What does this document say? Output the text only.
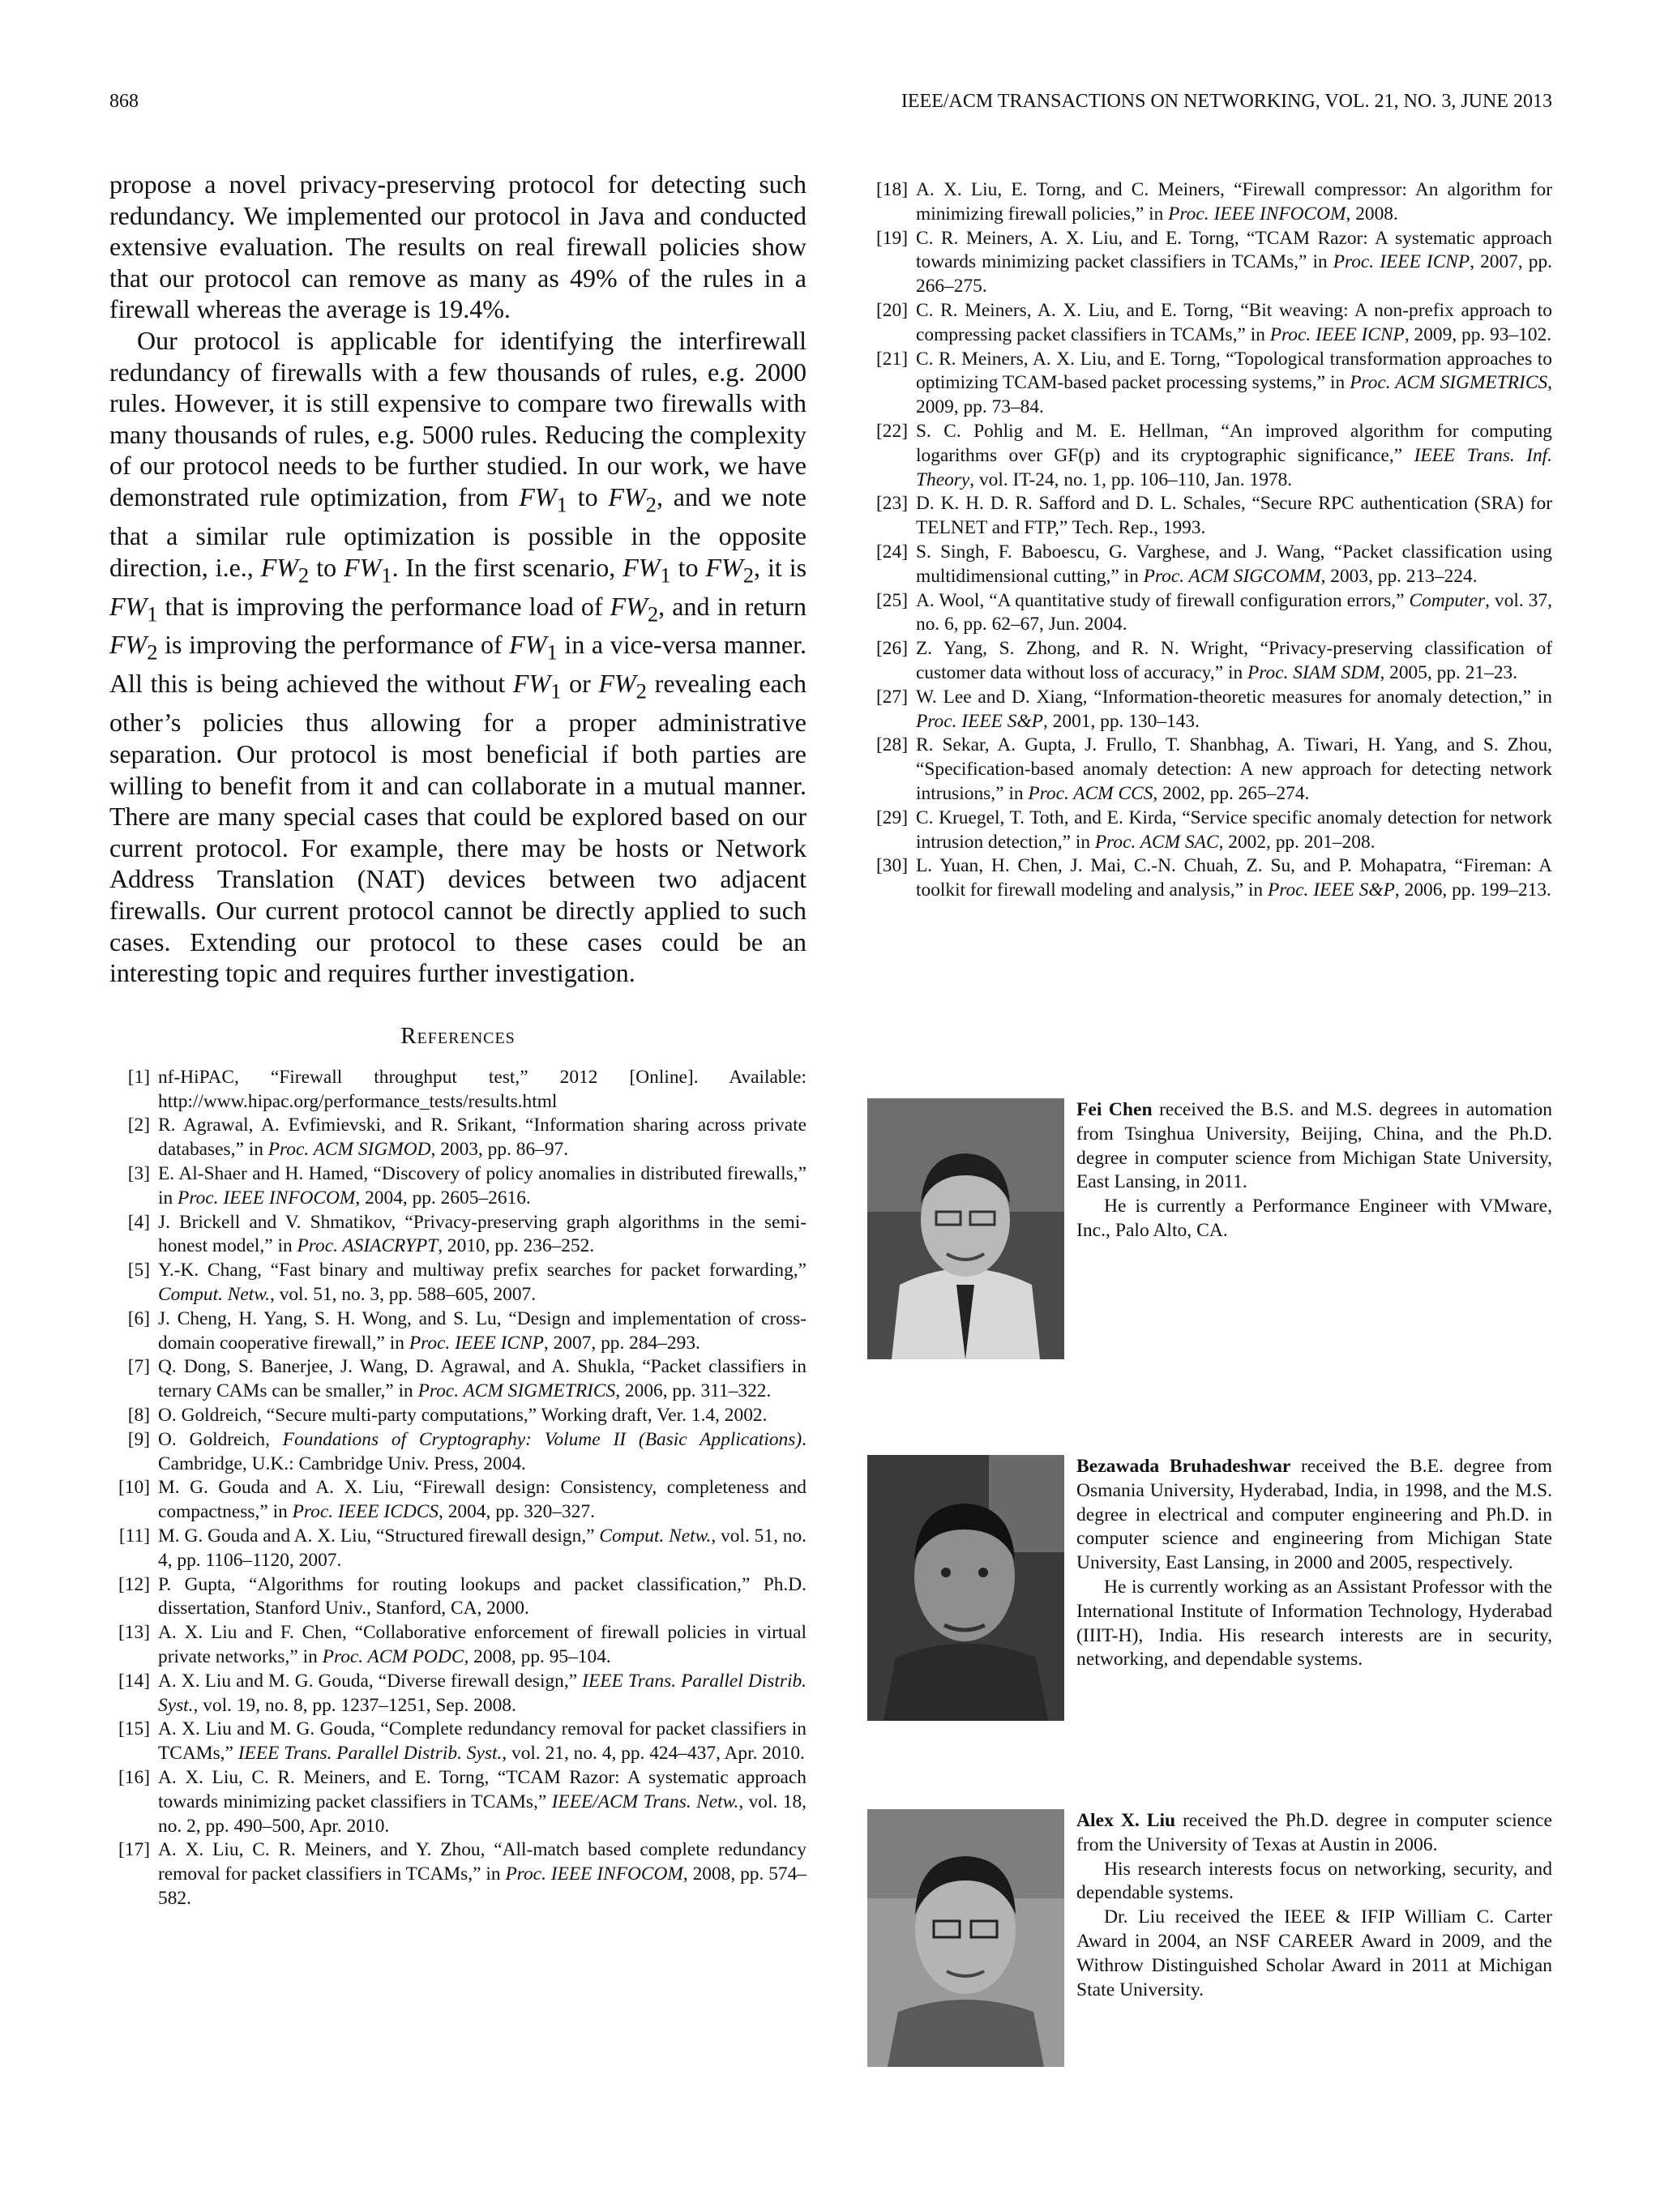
868	IEEE/ACM TRANSACTIONS ON NETWORKING, VOL. 21, NO. 3, JUNE 2013

propose a novel privacy-preserving protocol for detecting such redundancy. We implemented our protocol in Java and conducted extensive evaluation. The results on real firewall policies show that our protocol can remove as many as 49% of the rules in a firewall whereas the average is 19.4%.

Our protocol is applicable for identifying the interfirewall redundancy of firewalls with a few thousands of rules, e.g. 2000 rules. However, it is still expensive to compare two firewalls with many thousands of rules, e.g. 5000 rules. Reducing the complexity of our protocol needs to be further studied. In our work, we have demonstrated rule optimization, from $FW_1$ to $FW_2$, and we note that a similar rule optimization is possible in the opposite direction, i.e., $FW_2$ to $FW_1$. In the first scenario, $FW_1$ to $FW_2$, it is $FW_1$ that is improving the performance load of $FW_2$, and in return $FW_2$ is improving the performance of $FW_1$ in a vice-versa manner. All this is being achieved the without $FW_1$ or $FW_2$ revealing each other’s policies thus allowing for a proper administrative separation. Our protocol is most beneficial if both parties are willing to benefit from it and can collaborate in a mutual manner. There are many special cases that could be explored based on our current protocol. For example, there may be hosts or Network Address Translation (NAT) devices between two adjacent firewalls. Our current protocol cannot be directly applied to such cases. Extending our protocol to these cases could be an interesting topic and requires further investigation.

References
[1] nf-HiPAC, “Firewall throughput test,” 2012 [Online]. Available: http://www.hipac.org/performance_tests/results.html
[2] R. Agrawal, A. Evfimievski, and R. Srikant, “Information sharing across private databases,” in Proc. ACM SIGMOD, 2003, pp. 86–97.
[3] E. Al-Shaer and H. Hamed, “Discovery of policy anomalies in distributed firewalls,” in Proc. IEEE INFOCOM, 2004, pp. 2605–2616.
[4] J. Brickell and V. Shmatikov, “Privacy-preserving graph algorithms in the semi-honest model,” in Proc. ASIACRYPT, 2010, pp. 236–252.
[5] Y.-K. Chang, “Fast binary and multiway prefix searches for packet forwarding,” Comput. Netw., vol. 51, no. 3, pp. 588–605, 2007.
[6] J. Cheng, H. Yang, S. H. Wong, and S. Lu, “Design and implementation of cross-domain cooperative firewall,” in Proc. IEEE ICNP, 2007, pp. 284–293.
[7] Q. Dong, S. Banerjee, J. Wang, D. Agrawal, and A. Shukla, “Packet classifiers in ternary CAMs can be smaller,” in Proc. ACM SIGMETRICS, 2006, pp. 311–322.
[8] O. Goldreich, “Secure multi-party computations,” Working draft, Ver. 1.4, 2002.
[9] O. Goldreich, Foundations of Cryptography: Volume II (Basic Applications). Cambridge, U.K.: Cambridge Univ. Press, 2004.
[10] M. G. Gouda and A. X. Liu, “Firewall design: Consistency, completeness and compactness,” in Proc. IEEE ICDCS, 2004, pp. 320–327.
[11] M. G. Gouda and A. X. Liu, “Structured firewall design,” Comput. Netw., vol. 51, no. 4, pp. 1106–1120, 2007.
[12] P. Gupta, “Algorithms for routing lookups and packet classification,” Ph.D. dissertation, Stanford Univ., Stanford, CA, 2000.
[13] A. X. Liu and F. Chen, “Collaborative enforcement of firewall policies in virtual private networks,” in Proc. ACM PODC, 2008, pp. 95–104.
[14] A. X. Liu and M. G. Gouda, “Diverse firewall design,” IEEE Trans. Parallel Distrib. Syst., vol. 19, no. 8, pp. 1237–1251, Sep. 2008.
[15] A. X. Liu and M. G. Gouda, “Complete redundancy removal for packet classifiers in TCAMs,” IEEE Trans. Parallel Distrib. Syst., vol. 21, no. 4, pp. 424–437, Apr. 2010.
[16] A. X. Liu, C. R. Meiners, and E. Torng, “TCAM Razor: A systematic approach towards minimizing packet classifiers in TCAMs,” IEEE/ACM Trans. Netw., vol. 18, no. 2, pp. 490–500, Apr. 2010.
[17] A. X. Liu, C. R. Meiners, and Y. Zhou, “All-match based complete redundancy removal for packet classifiers in TCAMs,” in Proc. IEEE INFOCOM, 2008, pp. 574–582.
[18] A. X. Liu, E. Torng, and C. Meiners, “Firewall compressor: An algorithm for minimizing firewall policies,” in Proc. IEEE INFOCOM, 2008.
[19] C. R. Meiners, A. X. Liu, and E. Torng, “TCAM Razor: A systematic approach towards minimizing packet classifiers in TCAMs,” in Proc. IEEE ICNP, 2007, pp. 266–275.
[20] C. R. Meiners, A. X. Liu, and E. Torng, “Bit weaving: A non-prefix approach to compressing packet classifiers in TCAMs,” in Proc. IEEE ICNP, 2009, pp. 93–102.
[21] C. R. Meiners, A. X. Liu, and E. Torng, “Topological transformation approaches to optimizing TCAM-based packet processing systems,” in Proc. ACM SIGMETRICS, 2009, pp. 73–84.
[22] S. C. Pohlig and M. E. Hellman, “An improved algorithm for computing logarithms over GF(p) and its cryptographic significance,” IEEE Trans. Inf. Theory, vol. IT-24, no. 1, pp. 106–110, Jan. 1978.
[23] D. K. H. D. R. Safford and D. L. Schales, “Secure RPC authentication (SRA) for TELNET and FTP,” Tech. Rep., 1993.
[24] S. Singh, F. Baboescu, G. Varghese, and J. Wang, “Packet classification using multidimensional cutting,” in Proc. ACM SIGCOMM, 2003, pp. 213–224.
[25] A. Wool, “A quantitative study of firewall configuration errors,” Computer, vol. 37, no. 6, pp. 62–67, Jun. 2004.
[26] Z. Yang, S. Zhong, and R. N. Wright, “Privacy-preserving classification of customer data without loss of accuracy,” in Proc. SIAM SDM, 2005, pp. 21–23.
[27] W. Lee and D. Xiang, “Information-theoretic measures for anomaly detection,” in Proc. IEEE S&P, 2001, pp. 130–143.
[28] R. Sekar, A. Gupta, J. Frullo, T. Shanbhag, A. Tiwari, H. Yang, and S. Zhou, “Specification-based anomaly detection: A new approach for detecting network intrusions,” in Proc. ACM CCS, 2002, pp. 265–274.
[29] C. Kruegel, T. Toth, and E. Kirda, “Service specific anomaly detection for network intrusion detection,” in Proc. ACM SAC, 2002, pp. 201–208.
[30] L. Yuan, H. Chen, J. Mai, C.-N. Chuah, Z. Su, and P. Mohapatra, “Fireman: A toolkit for firewall modeling and analysis,” in Proc. IEEE S&P, 2006, pp. 199–213.

Fei Chen received the B.S. and M.S. degrees in automation from Tsinghua University, Beijing, China, and the Ph.D. degree in computer science from Michigan State University, East Lansing, in 2011.

He is currently a Performance Engineer with VMware, Inc., Palo Alto, CA.

Bezawada Bruhadeshwar received the B.E. degree from Osmania University, Hyderabad, India, in 1998, and the M.S. degree in electrical and computer engineering and Ph.D. in computer science and engineering from Michigan State University, East Lansing, in 2000 and 2005, respectively.

He is currently working as an Assistant Professor with the International Institute of Information Technology, Hyderabad (IIIT-H), India. His research interests are in security, networking, and dependable systems.

Alex X. Liu received the Ph.D. degree in computer science from the University of Texas at Austin in 2006.

His research interests focus on networking, security, and dependable systems.

Dr. Liu received the IEEE & IFIP William C. Carter Award in 2004, an NSF CAREER Award in 2009, and the Withrow Distinguished Scholar Award in 2011 at Michigan State University.
